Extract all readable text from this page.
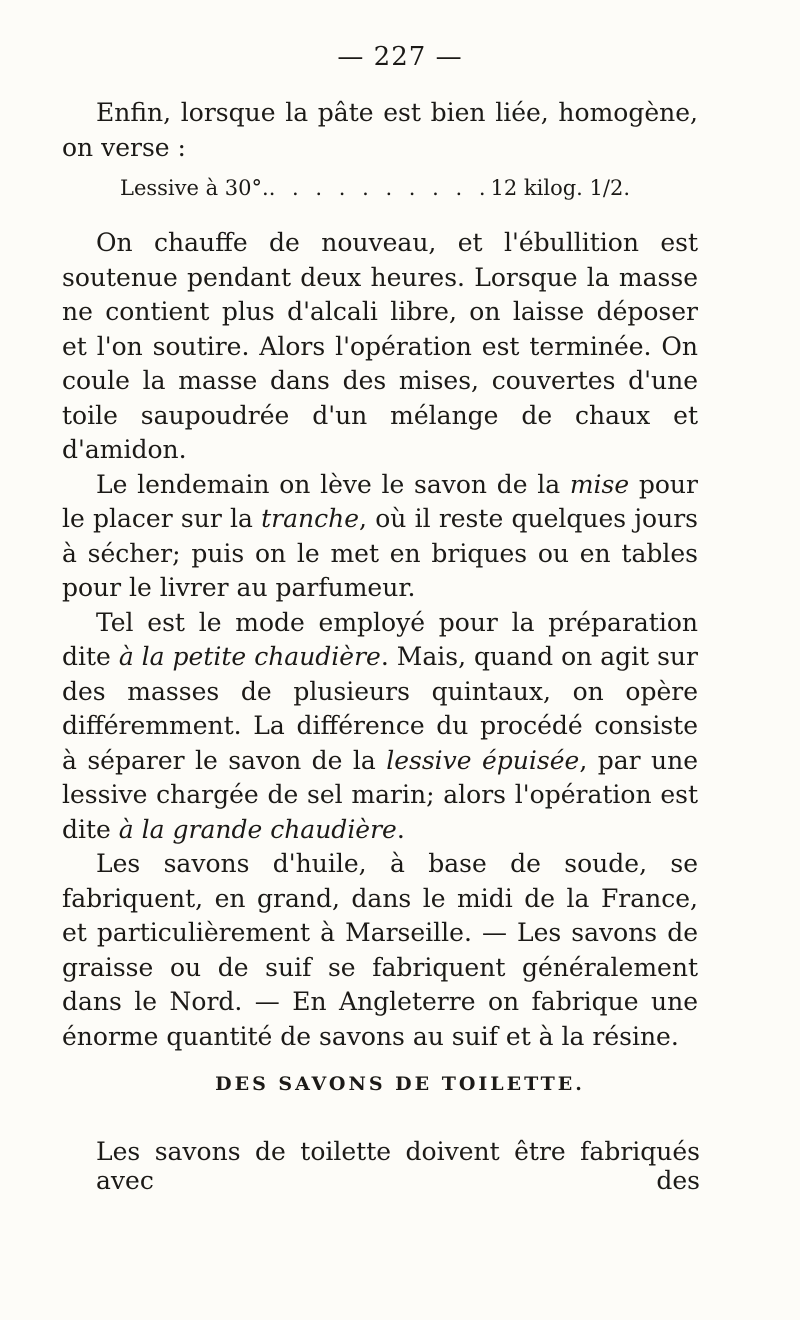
— 227 —

Enfin, lorsque la pâte est bien liée, homogène, on verse :

Lessive à 30°. . . . . . . . . . . 12 kilog. 1/2.

On chauffe de nouveau, et l'ébullition est soutenue pendant deux heures. Lorsque la masse ne contient plus d'alcali libre, on laisse déposer et l'on soutire. Alors l'opération est terminée. On coule la masse dans des mises, couvertes d'une toile saupoudrée d'un mélange de chaux et d'amidon.

Le lendemain on lève le savon de la mise pour le placer sur la tranche, où il reste quelques jours à sécher; puis on le met en briques ou en tables pour le livrer au parfumeur.

Tel est le mode employé pour la préparation dite à la petite chaudière. Mais, quand on agit sur des masses de plusieurs quintaux, on opère différemment. La différence du procédé consiste à séparer le savon de la lessive épuisée, par une lessive chargée de sel marin; alors l'opération est dite à la grande chaudière.

Les savons d'huile, à base de soude, se fabriquent, en grand, dans le midi de la France, et particulièrement à Marseille. — Les savons de graisse ou de suif se fabriquent généralement dans le Nord. — En Angleterre on fabrique une énorme quantité de savons au suif et à la résine.

DES SAVONS DE TOILETTE.
Les savons de toilette doivent être fabriqués avec des
